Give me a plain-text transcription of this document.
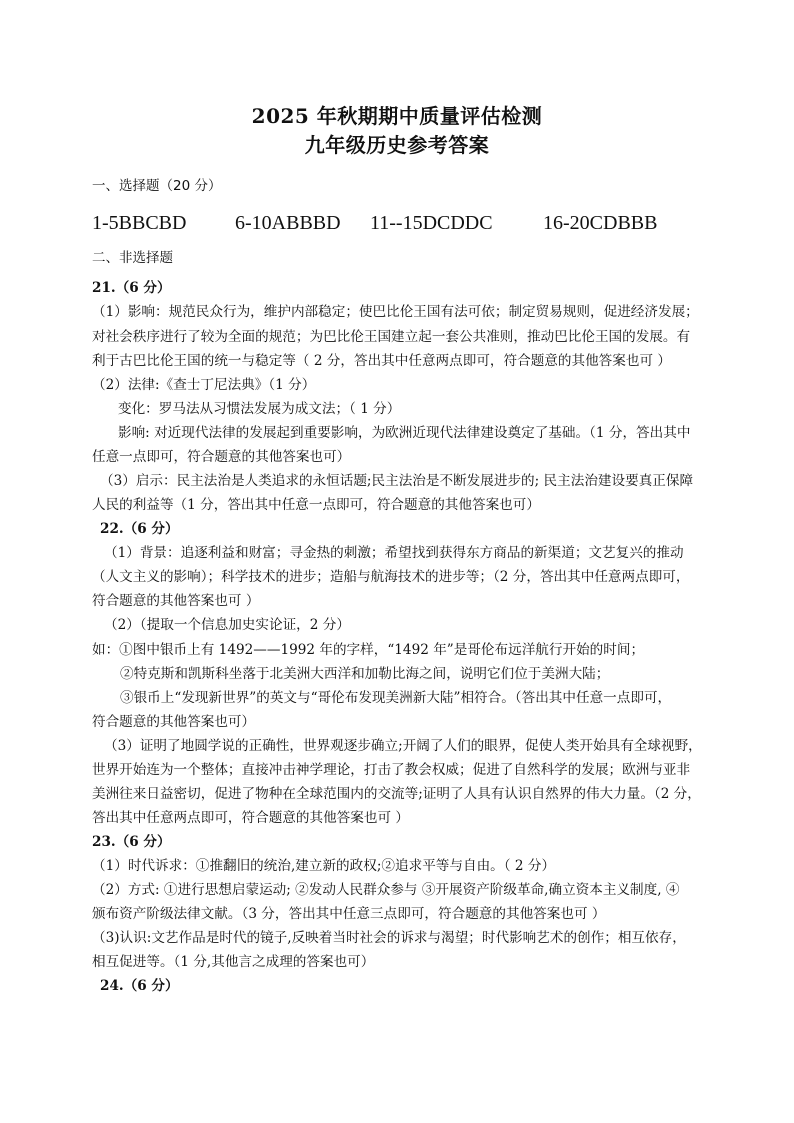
2025 年秋期期中质量评估检测
九年级历史参考答案
一、选择题（20 分）
1-5BBCBD 6-10ABBBD 11--15DCDDC	16-20CDBBB
二、非选择题
21.（6 分）
（1）影响：规范民众行为，维护内部稳定；使巴比伦王国有法可依；制定贸易规则，促进经济发展；
对社会秩序进行了较为全面的规范；为巴比伦王国建立起一套公共准则，推动巴比伦王国的发展。有
利于古巴比伦王国的统一与稳定等（ 2 分，答出其中任意两点即可，符合题意的其他答案也可 ）
（2）法律:《查士丁尼法典》（1 分）
变化：罗马法从习惯法发展为成文法；（ 1 分）
影响: 对近现代法律的发展起到重要影响，为欧洲近现代法律建设奠定了基础。（1 分，答出其中
任意一点即可，符合题意的其他答案也可）
（3）启示：民主法治是人类追求的永恒话题;民主法治是不断发展进步的; 民主法治建设要真正保障
人民的利益等（1 分，答出其中任意一点即可，符合题意的其他答案也可）
22.（6 分）
（1）背景：追逐利益和财富；寻金热的刺激；希望找到获得东方商品的新渠道；文艺复兴的推动
（人文主义的影响）；科学技术的进步；造船与航海技术的进步等；（2 分，答出其中任意两点即可，
符合题意的其他答案也可 ）
（2）（提取一个信息加史实论证，2 分）
如：①图中银币上有 1492——1992 年的字样，“1492 年”是哥伦布远洋航行开始的时间；
②特克斯和凯斯科坐落于北美洲大西洋和加勒比海之间，说明它们位于美洲大陆；
③银币上“发现新世界”的英文与“哥伦布发现美洲新大陆”相符合。（答出其中任意一点即可，
符合题意的其他答案也可）
（3）证明了地圆学说的正确性，世界观逐步确立;开阔了人们的眼界，促使人类开始具有全球视野，
世界开始连为一个整体；直接冲击神学理论，打击了教会权威；促进了自然科学的发展；欧洲与亚非
美洲往来日益密切，促进了物种在全球范围内的交流等;证明了人具有认识自然界的伟大力量。（2 分，
答出其中任意两点即可，符合题意的其他答案也可 ）
23.（6 分）
（1）时代诉求：①推翻旧的统治,建立新的政权;②追求平等与自由。（ 2 分）
（2）方式: ①进行思想启蒙运动; ②发动人民群众参与 ③开展资产阶级革命,确立资本主义制度, ④
颁布资产阶级法律文献。（3 分，答出其中任意三点即可，符合题意的其他答案也可 ）
（3)认识:文艺作品是时代的镜子,反映着当时社会的诉求与渴望；时代影响艺术的创作；相互依存，
相互促进等。（1 分,其他言之成理的答案也可）
24.（6 分）
